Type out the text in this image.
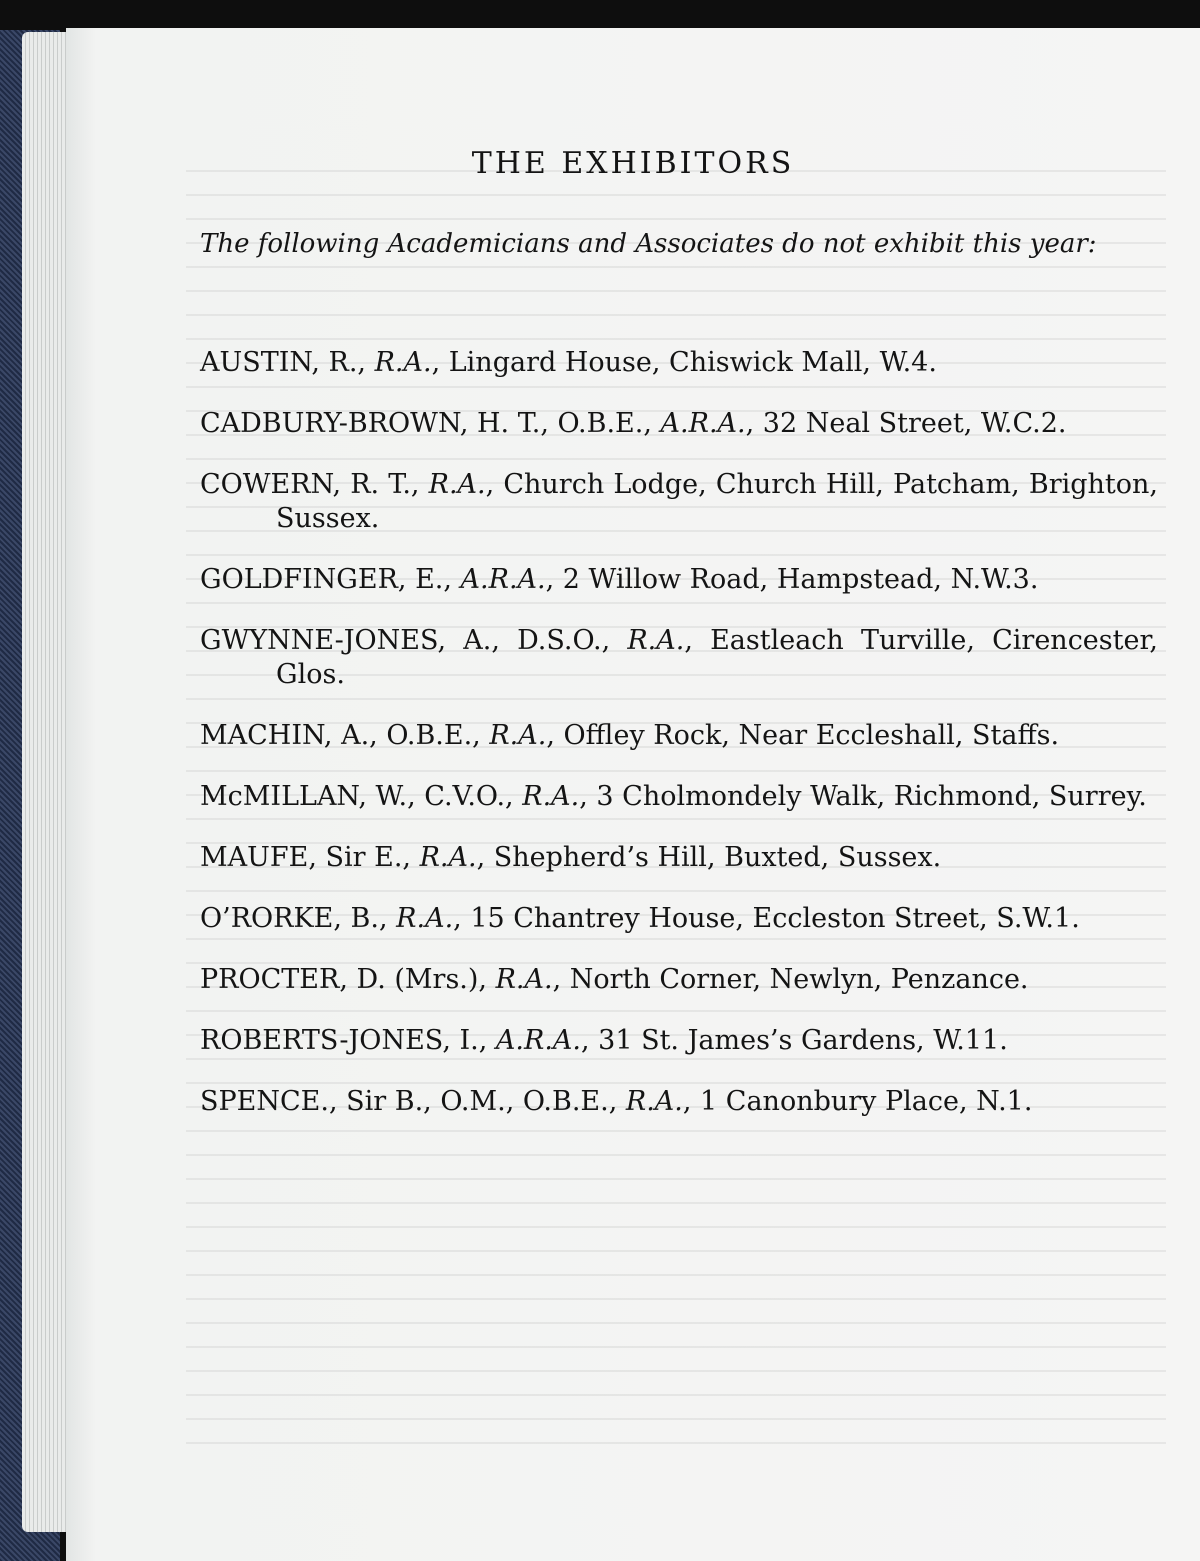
THE EXHIBITORS

The following Academicians and Associates do not exhibit this year:

AUSTIN, R., R.A., Lingard House, Chiswick Mall, W.4.
CADBURY-BROWN, H. T., O.B.E., A.R.A., 32 Neal Street, W.C.2.
COWERN, R. T., R.A., Church Lodge, Church Hill, Patcham, Brighton, Sussex.
GOLDFINGER, E., A.R.A., 2 Willow Road, Hampstead, N.W.3.
GWYNNE-JONES, A., D.S.O., R.A., Eastleach Turville, Cirencester, Glos.
MACHIN, A., O.B.E., R.A., Offley Rock, Near Eccleshall, Staffs.
McMILLAN, W., C.V.O., R.A., 3 Cholmondely Walk, Richmond, Surrey.
MAUFE, Sir E., R.A., Shepherd’s Hill, Buxted, Sussex.
O’RORKE, B., R.A., 15 Chantrey House, Eccleston Street, S.W.1.
PROCTER, D. (Mrs.), R.A., North Corner, Newlyn, Penzance.
ROBERTS-JONES, I., A.R.A., 31 St. James’s Gardens, W.11.
SPENCE., Sir B., O.M., O.B.E., R.A., 1 Canonbury Place, N.1.
